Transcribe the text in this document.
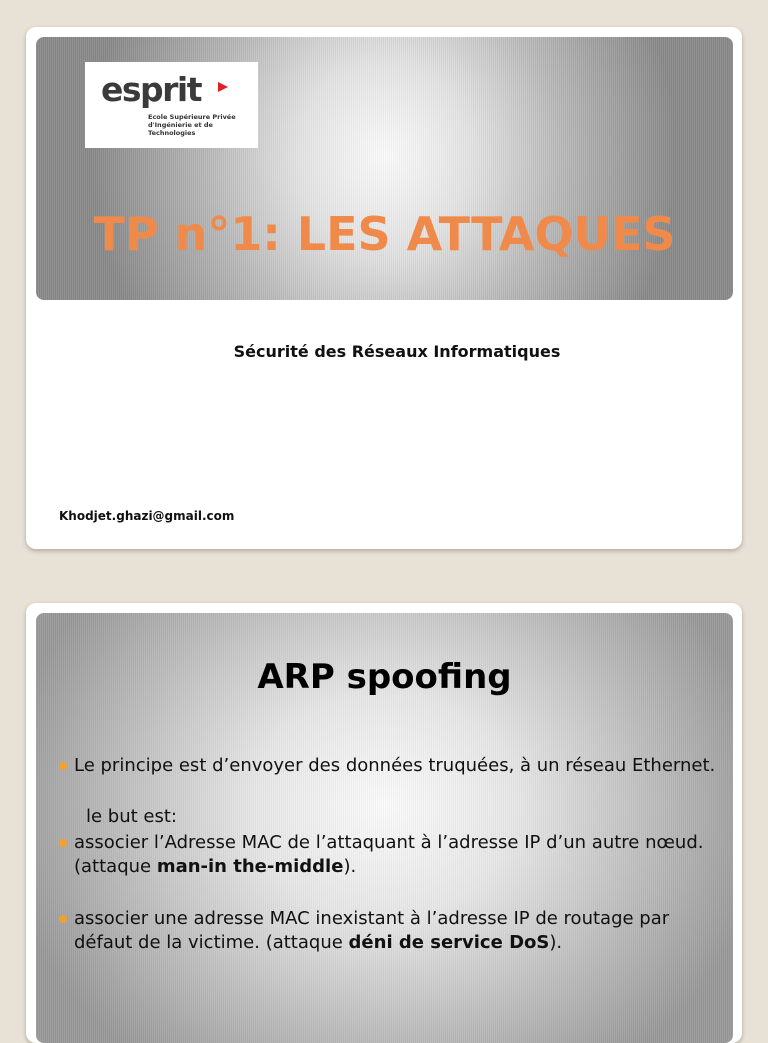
esprit
Ecole Supérieure Privée
d'Ingénierie et de Technologies
TP n°1: LES ATTAQUES
Sécurité des Réseaux Informatiques
Khodjet.ghazi@gmail.com
ARP spoofing
Le principe est d’envoyer des données truquées, à un réseau Ethernet.
le but est:
associer l’Adresse MAC de l’attaquant à l’adresse IP d’un autre nœud. (attaque man-in the-middle).
associer une adresse MAC inexistant à l’adresse IP de routage par défaut de la victime. (attaque déni de service DoS).
